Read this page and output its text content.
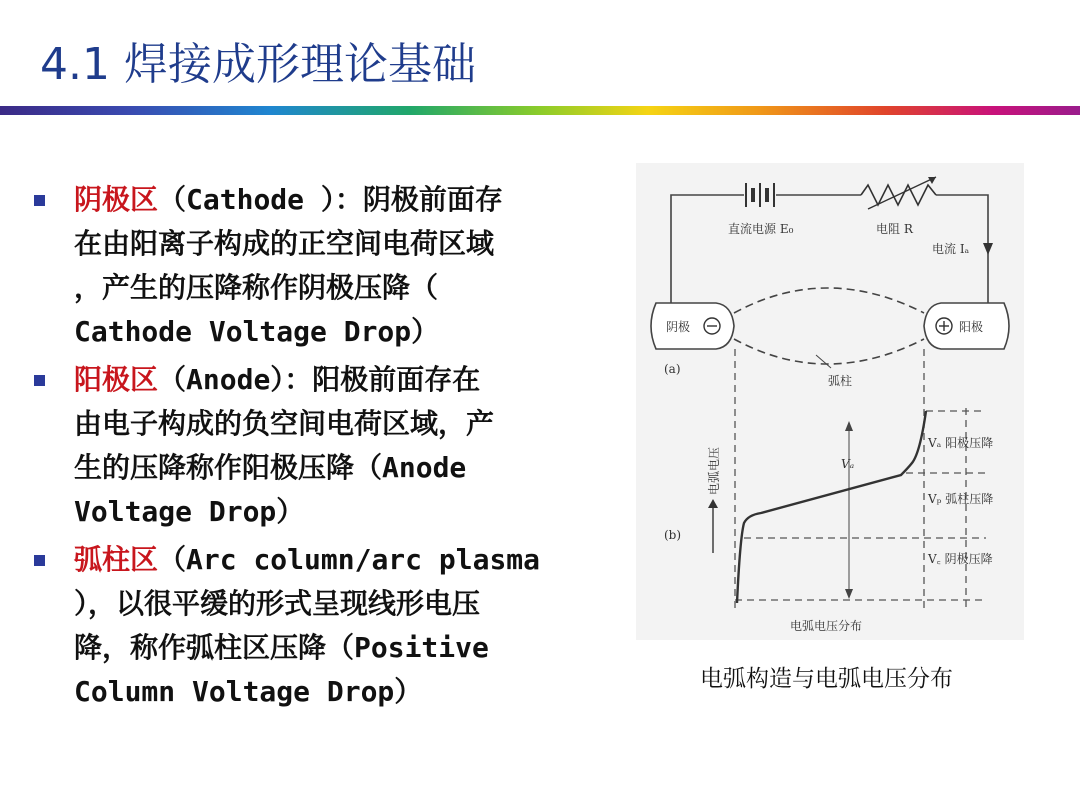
4.1 焊接成形理论基础
阴极区（Cathode ）：阴极前面存
在由阳离子构成的正空间电荷区域
，产生的压降称作阴极压降（
Cathode Voltage Drop）
阳极区（Anode）：阳极前面存在
由电子构成的负空间电荷区域，产
生的压降称作阳极压降（Anode
Voltage Drop）
弧柱区（Arc column/arc plasma
），以很平缓的形式呈现线形电压
降，称作弧柱区压降（Positive
Column Voltage Drop）
直流电源 E₀	电阻 R
电流 Iₐ
阴极	阳极
弧柱
(a)
电弧电压
(b)
Vₐ
Vₐ 阳极压降
Vₚ 弧柱压降
V꜀ 阴极压降
电弧电压分布
电弧构造与电弧电压分布
